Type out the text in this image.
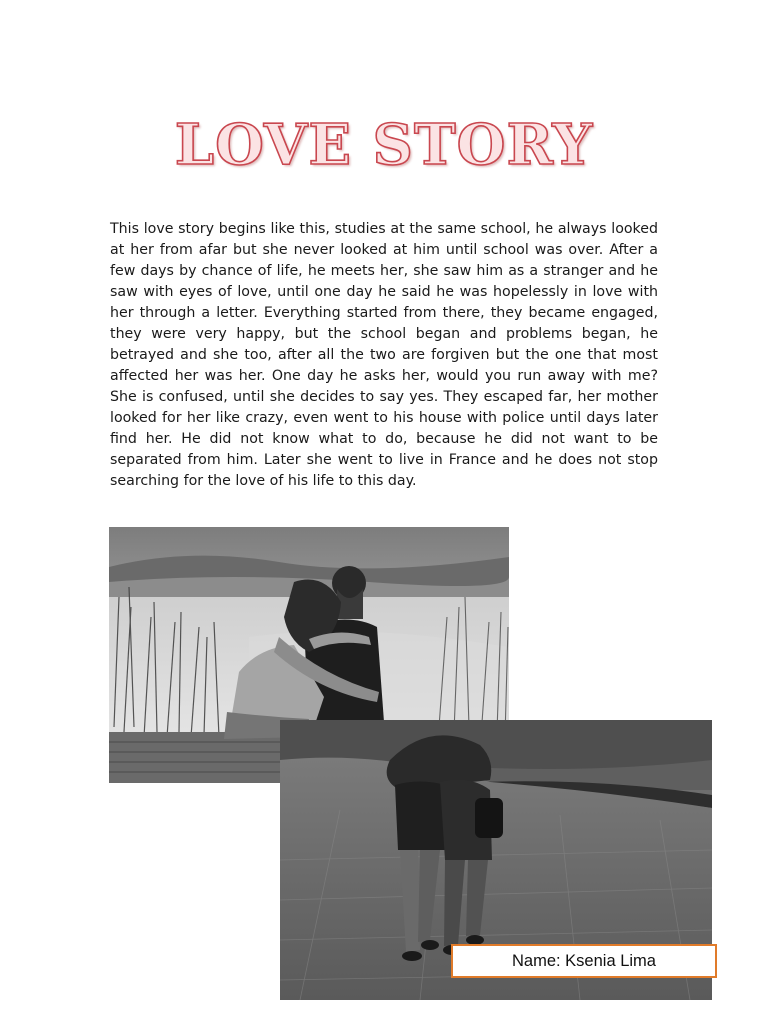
LOVE STORY

This love story begins like this, studies at the same school, he always looked at her from afar but she never looked at him until school was over. After a few days by chance of life, he meets her, she saw him as a stranger and he saw with eyes of love, until one day he said he was hopelessly in love with her through a letter. Everything started from there, they became engaged, they were very happy, but the school began and problems began, he betrayed and she too, after all the two are forgiven but the one that most affected her was her. One day he asks her, would you run away with me? She is confused, until she decides to say yes. They escaped far, her mother looked for her like crazy, even went to his house with police until days later find her. He did not know what to do, because he did not want to be separated from him. Later she went to live in France and he does not stop searching for the love of his life to this day.

Name: Ksenia Lima
